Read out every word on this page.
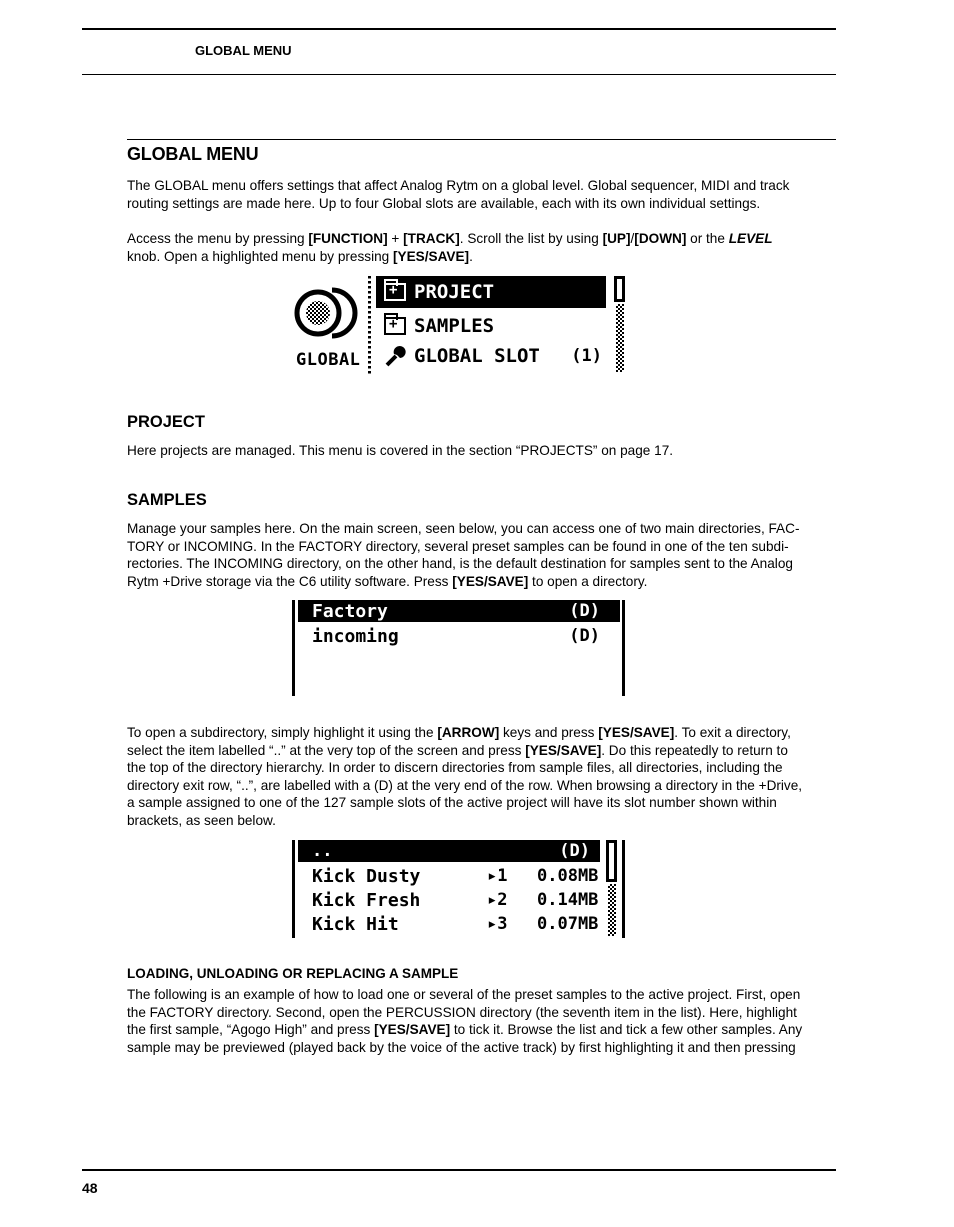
GLOBAL MENU
GLOBAL MENU

The GLOBAL menu offers settings that affect Analog Rytm on a global level. Global sequencer, MIDI and track
routing settings are made here. Up to four Global slots are available, each with its own individual settings.

Access the menu by pressing [FUNCTION] + [TRACK]. Scroll the list by using [UP]/[DOWN] or the LEVEL
knob. Open a highlighted menu by pressing [YES/SAVE].

GLOBAL
+
PROJECT
+
SAMPLES
GLOBAL SLOT (1)
PROJECT

Here projects are managed. This menu is covered in the section “PROJECTS” on page 17.

SAMPLES

Manage your samples here. On the main screen, seen below, you can access one of two main directories, FAC-
TORY or INCOMING. In the FACTORY directory, several preset samples can be found in one of the ten subdi-
rectories. The INCOMING directory, on the other hand, is the default destination for samples sent to the Analog
Rytm +Drive storage via the C6 utility software. Press [YES/SAVE] to open a directory.

Factory	(D)
incoming	(D)

To open a subdirectory, simply highlight it using the [ARROW] keys and press [YES/SAVE]. To exit a directory,
select the item labelled “..” at the very top of the screen and press [YES/SAVE]. Do this repeatedly to return to
the top of the directory hierarchy. In order to discern directories from sample files, all directories, including the
directory exit row, “..”, are labelled with a (D) at the very end of the row. When browsing a directory in the +Drive,
a sample assigned to one of the 127 sample slots of the active project will have its slot number shown within
brackets, as seen below.

..	(D)
Kick Dusty	▸1	0.08MB
Kick Fresh	▸2	0.14MB
Kick Hit	▸3	0.07MB
LOADING, UNLOADING OR REPLACING A SAMPLE

The following is an example of how to load one or several of the preset samples to the active project. First, open
the FACTORY directory. Second, open the PERCUSSION directory (the seventh item in the list). Here, highlight
the first sample, “Agogo High” and press [YES/SAVE] to tick it. Browse the list and tick a few other samples. Any
sample may be previewed (played back by the voice of the active track) by first highlighting it and then pressing

48
